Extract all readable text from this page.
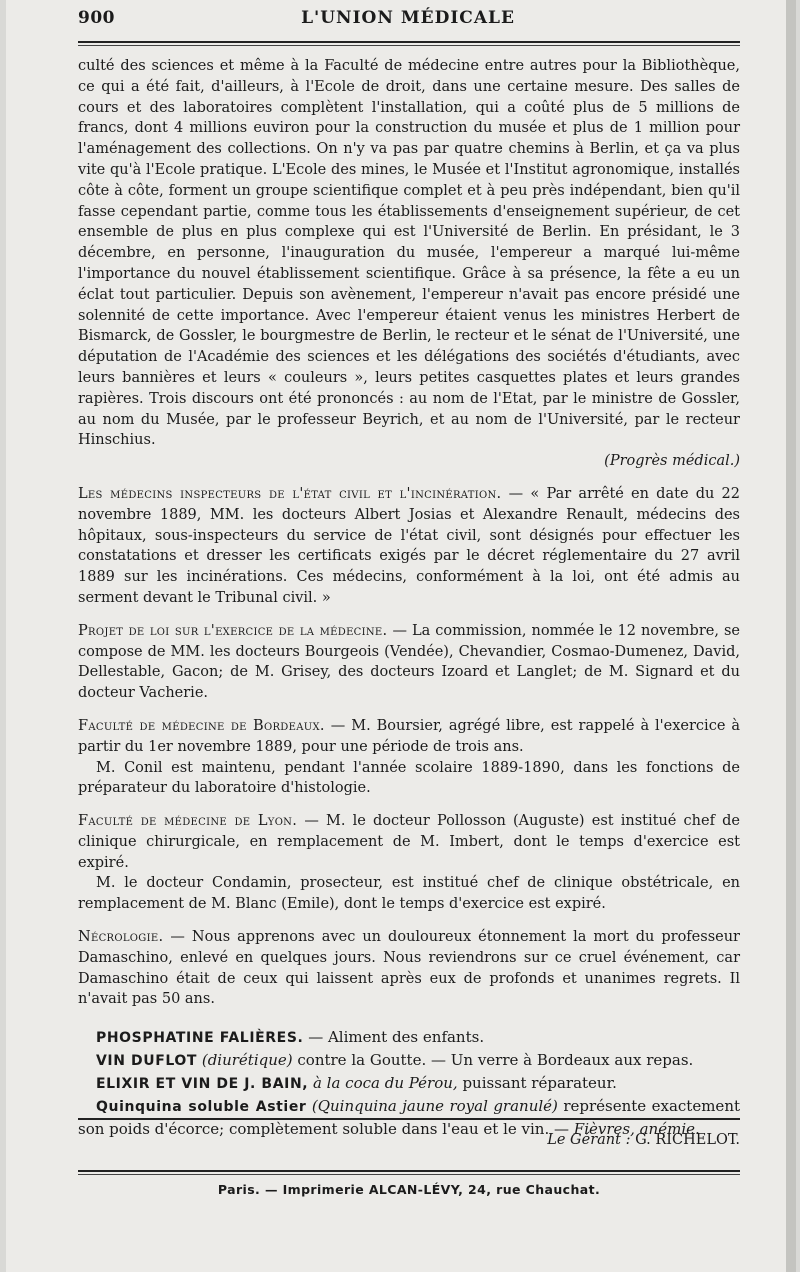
900	L'UNION MÉDICALE

culté des sciences et même à la Faculté de médecine entre autres pour la Bibliothèque, ce qui a été fait, d'ailleurs, à l'Ecole de droit, dans une certaine mesure. Des salles de cours et des laboratoires complètent l'installation, qui a coûté plus de 5 millions de francs, dont 4 millions euviron pour la construction du musée et plus de 1 million pour l'aménagement des collections. On n'y va pas par quatre chemins à Berlin, et ça va plus vite qu'à l'Ecole pratique. L'Ecole des mines, le Musée et l'Institut agronomique, installés côte à côte, forment un groupe scientifique complet et à peu près indépendant, bien qu'il fasse cependant partie, comme tous les établissements d'enseignement supérieur, de cet ensemble de plus en plus complexe qui est l'Université de Berlin. En présidant, le 3 décembre, en personne, l'inauguration du musée, l'empereur a marqué lui-même l'importance du nouvel établissement scientifique. Grâce à sa présence, la fête a eu un éclat tout particulier. Depuis son avènement, l'empereur n'avait pas encore présidé une solennité de cette importance. Avec l'empereur étaient venus les ministres Herbert de Bismarck, de Gossler, le bourgmestre de Berlin, le recteur et le sénat de l'Université, une députation de l'Académie des sciences et les délégations des sociétés d'étudiants, avec leurs bannières et leurs « couleurs », leurs petites casquettes plates et leurs grandes rapières. Trois discours ont été prononcés : au nom de l'Etat, par le ministre de Gossler, au nom du Musée, par le professeur Beyrich, et au nom de l'Université, par le recteur Hinschius.

(Progrès médical.)

Les médecins inspecteurs de l'état civil et l'incinération. — « Par arrêté en date du 22 novembre 1889, MM. les docteurs Albert Josias et Alexandre Renault, médecins des hôpitaux, sous-inspecteurs du service de l'état civil, sont désignés pour effectuer les constatations et dresser les certificats exigés par le décret réglementaire du 27 avril 1889 sur les incinérations. Ces médecins, conformément à la loi, ont été admis au serment devant le Tribunal civil. »

Projet de loi sur l'exercice de la médecine. — La commission, nommée le 12 novembre, se compose de MM. les docteurs Bourgeois (Vendée), Chevandier, Cosmao-Dumenez, David, Dellestable, Gacon; de M. Grisey, des docteurs Izoard et Langlet; de M. Signard et du docteur Vacherie.

Faculté de médecine de Bordeaux. — M. Boursier, agrégé libre, est rappelé à l'exercice à partir du 1er novembre 1889, pour une période de trois ans.

M. Conil est maintenu, pendant l'année scolaire 1889-1890, dans les fonctions de préparateur du laboratoire d'histologie.

Faculté de médecine de Lyon. — M. le docteur Pollosson (Auguste) est institué chef de clinique chirurgicale, en remplacement de M. Imbert, dont le temps d'exercice est expiré.

M. le docteur Condamin, prosecteur, est institué chef de clinique obstétricale, en remplacement de M. Blanc (Emile), dont le temps d'exercice est expiré.

Nécrologie. — Nous apprenons avec un douloureux étonnement la mort du professeur Damaschino, enlevé en quelques jours. Nous reviendrons sur ce cruel événement, car Damaschino était de ceux qui laissent après eux de profonds et unanimes regrets. Il n'avait pas 50 ans.

PHOSPHATINE FALIÈRES. — Aliment des enfants.

VIN DUFLOT (diurétique) contre la Goutte. — Un verre à Bordeaux aux repas.

ELIXIR ET VIN DE J. BAIN, à la coca du Pérou, puissant réparateur.

Quinquina soluble Astier (Quinquina jaune royal granulé) représente exactement son poids d'écorce; complètement soluble dans l'eau et le vin. — Fièvres, anémie.

Le Gérant : G. RICHELOT.
Paris. — Imprimerie ALCAN-LÉVY, 24, rue Chauchat.
